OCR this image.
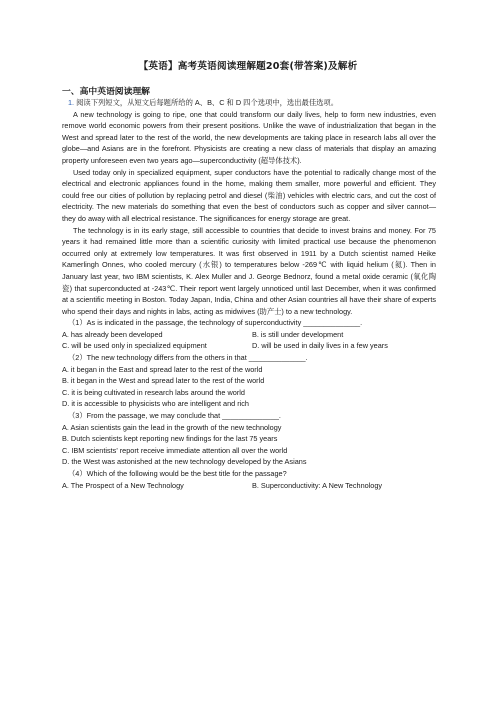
【英语】高考英语阅读理解题20套(带答案)及解析
一、高中英语阅读理解

1. 阅读下列短文，从短文后每题所给的 A、B、C 和 D 四个选项中，选出最佳选项。

A new technology is going to ripe, one that could transform our daily lives, help to form new industries, even remove world economic powers from their present positions. Unlike the wave of industrialization that began in the West and spread later to the rest of the world, the new developments are taking place in research labs all over the globe—and Asians are in the forefront. Physicists are creating a new class of materials that display an amazing property unforeseen even two years ago—superconductivity (超导体技术).

Used today only in specialized equipment, super conductors have the potential to radically change most of the electrical and electronic appliances found in the home, making them smaller, more powerful and efficient. They could free our cities of pollution by replacing petrol and diesel (柴油) vehicles with electric cars, and cut the cost of electricity. The new materials do something that even the best of conductors such as copper and silver cannot—they do away with all electrical resistance. The significances for energy storage are great.

The technology is in its early stage, still accessible to countries that decide to invest brains and money. For 75 years it had remained little more than a scientific curiosity with limited practical use because the phenomenon occurred only at extremely low temperatures. It was first observed in 1911 by a Dutch scientist named Heike Kamerlingh Onnes, who cooled mercury (水银) to temperatures below -269℃ with liquid helium (氦). Then in January last year, two IBM scientists, K. Alex Muller and J. George Bednorz, found a metal oxide ceramic (氧化陶瓷) that superconducted at -243℃. Their report went largely unnoticed until last December, when it was confirmed at a scientific meeting in Boston. Today Japan, India, China and other Asian countries all have their share of experts who spend their days and nights in labs, acting as midwives (助产士) to a new technology.

（1）As is indicated in the passage, the technology of superconductivity ______________.

A. has already been developed	B. is still under development
C. will be used only in specialized equipment	D. will be used in daily lives in a few years

（2）The new technology differs from the others in that ______________.

A. it began in the East and spread later to the rest of the world
B. it began in the West and spread later to the rest of the world

C. it is being cultivated in research labs around the world
D. it is accessible to physicists who are intelligent and rich

（3）From the passage, we may conclude that ______________.

A. Asian scientists gain the lead in the growth of the new technology
B. Dutch scientists kept reporting new findings for the last 75 years

C. IBM scientists' report receive immediate attention all over the world
D. the West was astonished at the new technology developed by the Asians

（4）Which of the following would be the best title for the passage?

A. The Prospect of a New Technology	B. Superconductivity: A New Technology
